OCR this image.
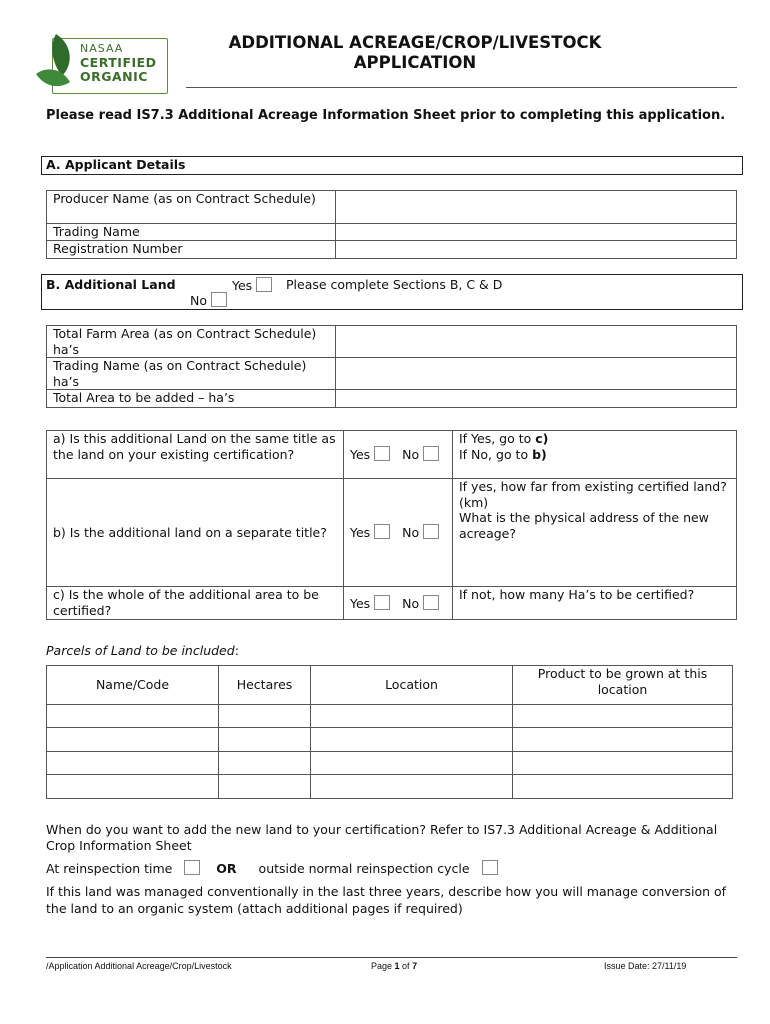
NASAA
CERTIFIED
ORGANIC
ADDITIONAL ACREAGE/CROP/LIVESTOCK
APPLICATION
Please read IS7.3 Additional Acreage Information Sheet prior to completing this application.
A. Applicant Details
Producer Name (as on Contract Schedule)	
Trading Name	
Registration Number	
B. Additional Land	Yes	Please complete Sections B, C & D
No
Total Farm Area (as on Contract Schedule) ha’s	
Trading Name (as on Contract Schedule) ha’s	
Total Area to be added – ha’s	
a) Is this additional Land on the same title as the land on your existing certification?	Yes No	If Yes, go to c)
If No, go to b)

b) Is the additional land on a separate title?	Yes No	If yes, how far from existing certified land?
(km)
What is the physical address of the new acreage?

c) Is the whole of the additional area to be certified?	Yes No	If not, how many Ha’s to be certified?
Parcels of Land to be included:
Name/Code	Hectares	Location	Product to be grown at this location

When do you want to add the new land to your certification? Refer to IS7.3 Additional Acreage & Additional Crop Information Sheet
At reinspection time	OR outside normal reinspection cycle
If this land was managed conventionally in the last three years, describe how you will manage conversion of the land to an organic system (attach additional pages if required)
/Application Additional Acreage/Crop/Livestock	Page 1 of 7	Issue Date: 27/11/19
